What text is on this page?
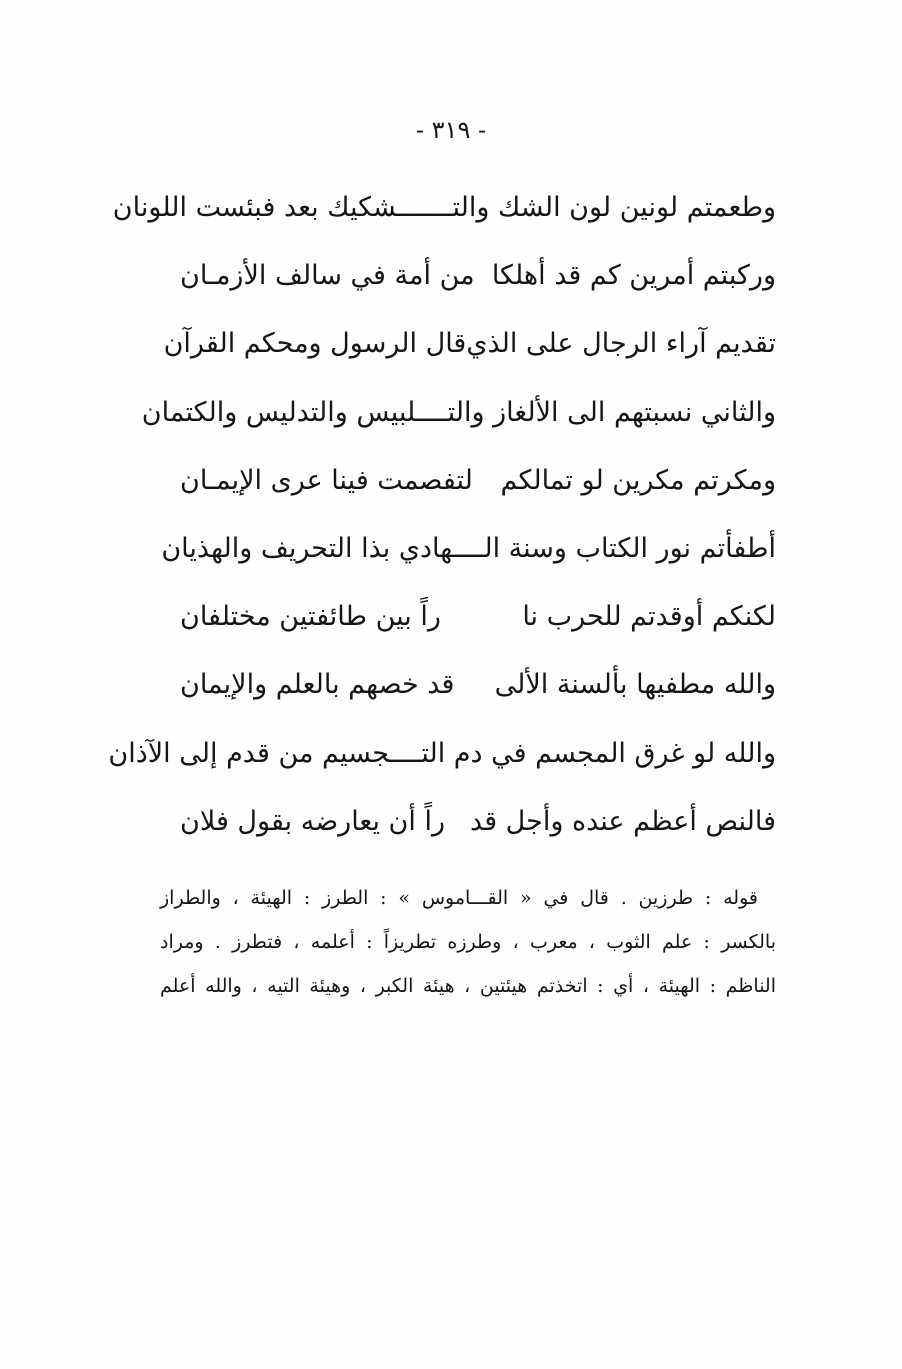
- ٣١٩ -
وطعمتم لونين لون الشك والتـــــــشكيك بعد فبئست اللونان
وركبتم أمرين كم قد أهلكا
من أمة في سالف الأزمـان
تقديم آراء الرجال على الذي
قال الرسول ومحكم القرآن
والثاني نسبتهم الى الألغاز والتــــلبيس والتدليس والكتمان
ومكرتم مكرين لو تمالكم
لتفصمت فينا عرى الإيمـان
أطفأتم نور الكتاب وسنة الــــهادي بذا التحريف والهذيان
لكنكم أوقدتم للحرب نا
راً بين طائفتين مختلفان
والله مطفيها بألسنة الألى
قد خصهم بالعلم والإيمان
والله لو غرق المجسم في دم التــــجسيم من قدم إلى الآذان
فالنص أعظم عنده وأجل قد
راً أن يعارضه بقول فلان
قوله : طرزين . قال في « القـــاموس » : الطرز : الهيئة ، والطراز
بالكسر : علم الثوب ، معرب ، وطرزه تطريزاً : أعلمه ، فتطرز . ومراد
الناظم : الهيئة ، أي : اتخذتم هيئتين ، هيئة الكبر ، وهيئة التيه ، والله أعلم
